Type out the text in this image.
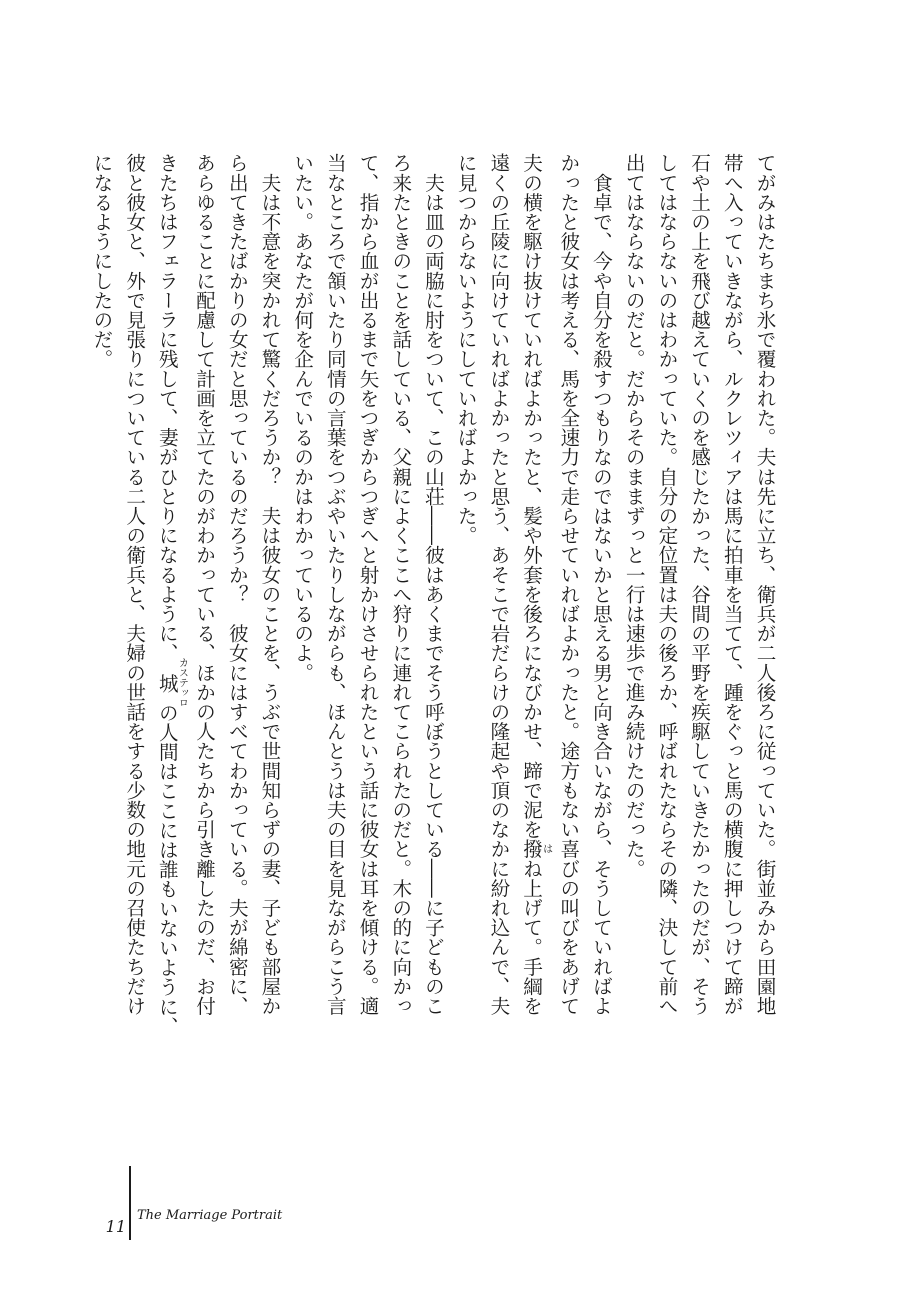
てがみはたちまち氷で覆われた。夫は先に立ち、衛兵が二人後ろに従っていた。街並みから田園地
帯へ入っていきながら、ルクレツィアは馬に拍車を当てて、踵をぐっと馬の横腹に押しつけて蹄が
石や土の上を飛び越えていくのを感じたかった、谷間の平野を疾駆していきたかったのだが、そう
してはならないのはわかっていた。自分の定位置は夫の後ろか、呼ばれたならその隣、決して前へ
出てはならないのだと。だからそのままずっと一行は速歩で進み続けたのだった。
　食卓で、今や自分を殺すつもりなのではないかと思える男と向き合いながら、そうしていればよ
かったと彼女は考える、馬を全速力で走らせていればよかったと。途方もない喜びの叫びをあげて
夫の横を駆け抜けていればよかったと、髪や外套を後ろになびかせ、蹄で泥を撥はね上げて。手綱を
遠くの丘陵に向けていればよかったと思う、あそこで岩だらけの隆起や頂のなかに紛れ込んで、夫
に見つからないようにしていればよかった。
　夫は皿の両脇に肘をついて、この山荘――彼はあくまでそう呼ぼうとしている――に子どものこ
ろ来たときのことを話している、父親によくここへ狩りに連れてこられたのだと。木の的に向かっ
て、指から血が出るまで矢をつぎからつぎへと射かけさせられたという話に彼女は耳を傾ける。適
当なところで頷いたり同情の言葉をつぶやいたりしながらも、ほんとうは夫の目を見ながらこう言
いたい。あなたが何を企んでいるのかはわかっているのよ。
　夫は不意を突かれて驚くだろうか？　夫は彼女のことを、うぶで世間知らずの妻、子ども部屋か
ら出てきたばかりの女だと思っているのだろうか？　彼女にはすべてわかっている。夫が綿密に、
あらゆることに配慮して計画を立てたのがわかっている、ほかの人たちから引き離したのだ、お付
きたちはフェラーラに残して、妻がひとりになるように、城カステッロの人間はここには誰もいないように、
彼と彼女と、外で見張りについている二人の衛兵と、夫婦の世話をする少数の地元の召使たちだけ
になるようにしたのだ。
11
The Marriage Portrait
